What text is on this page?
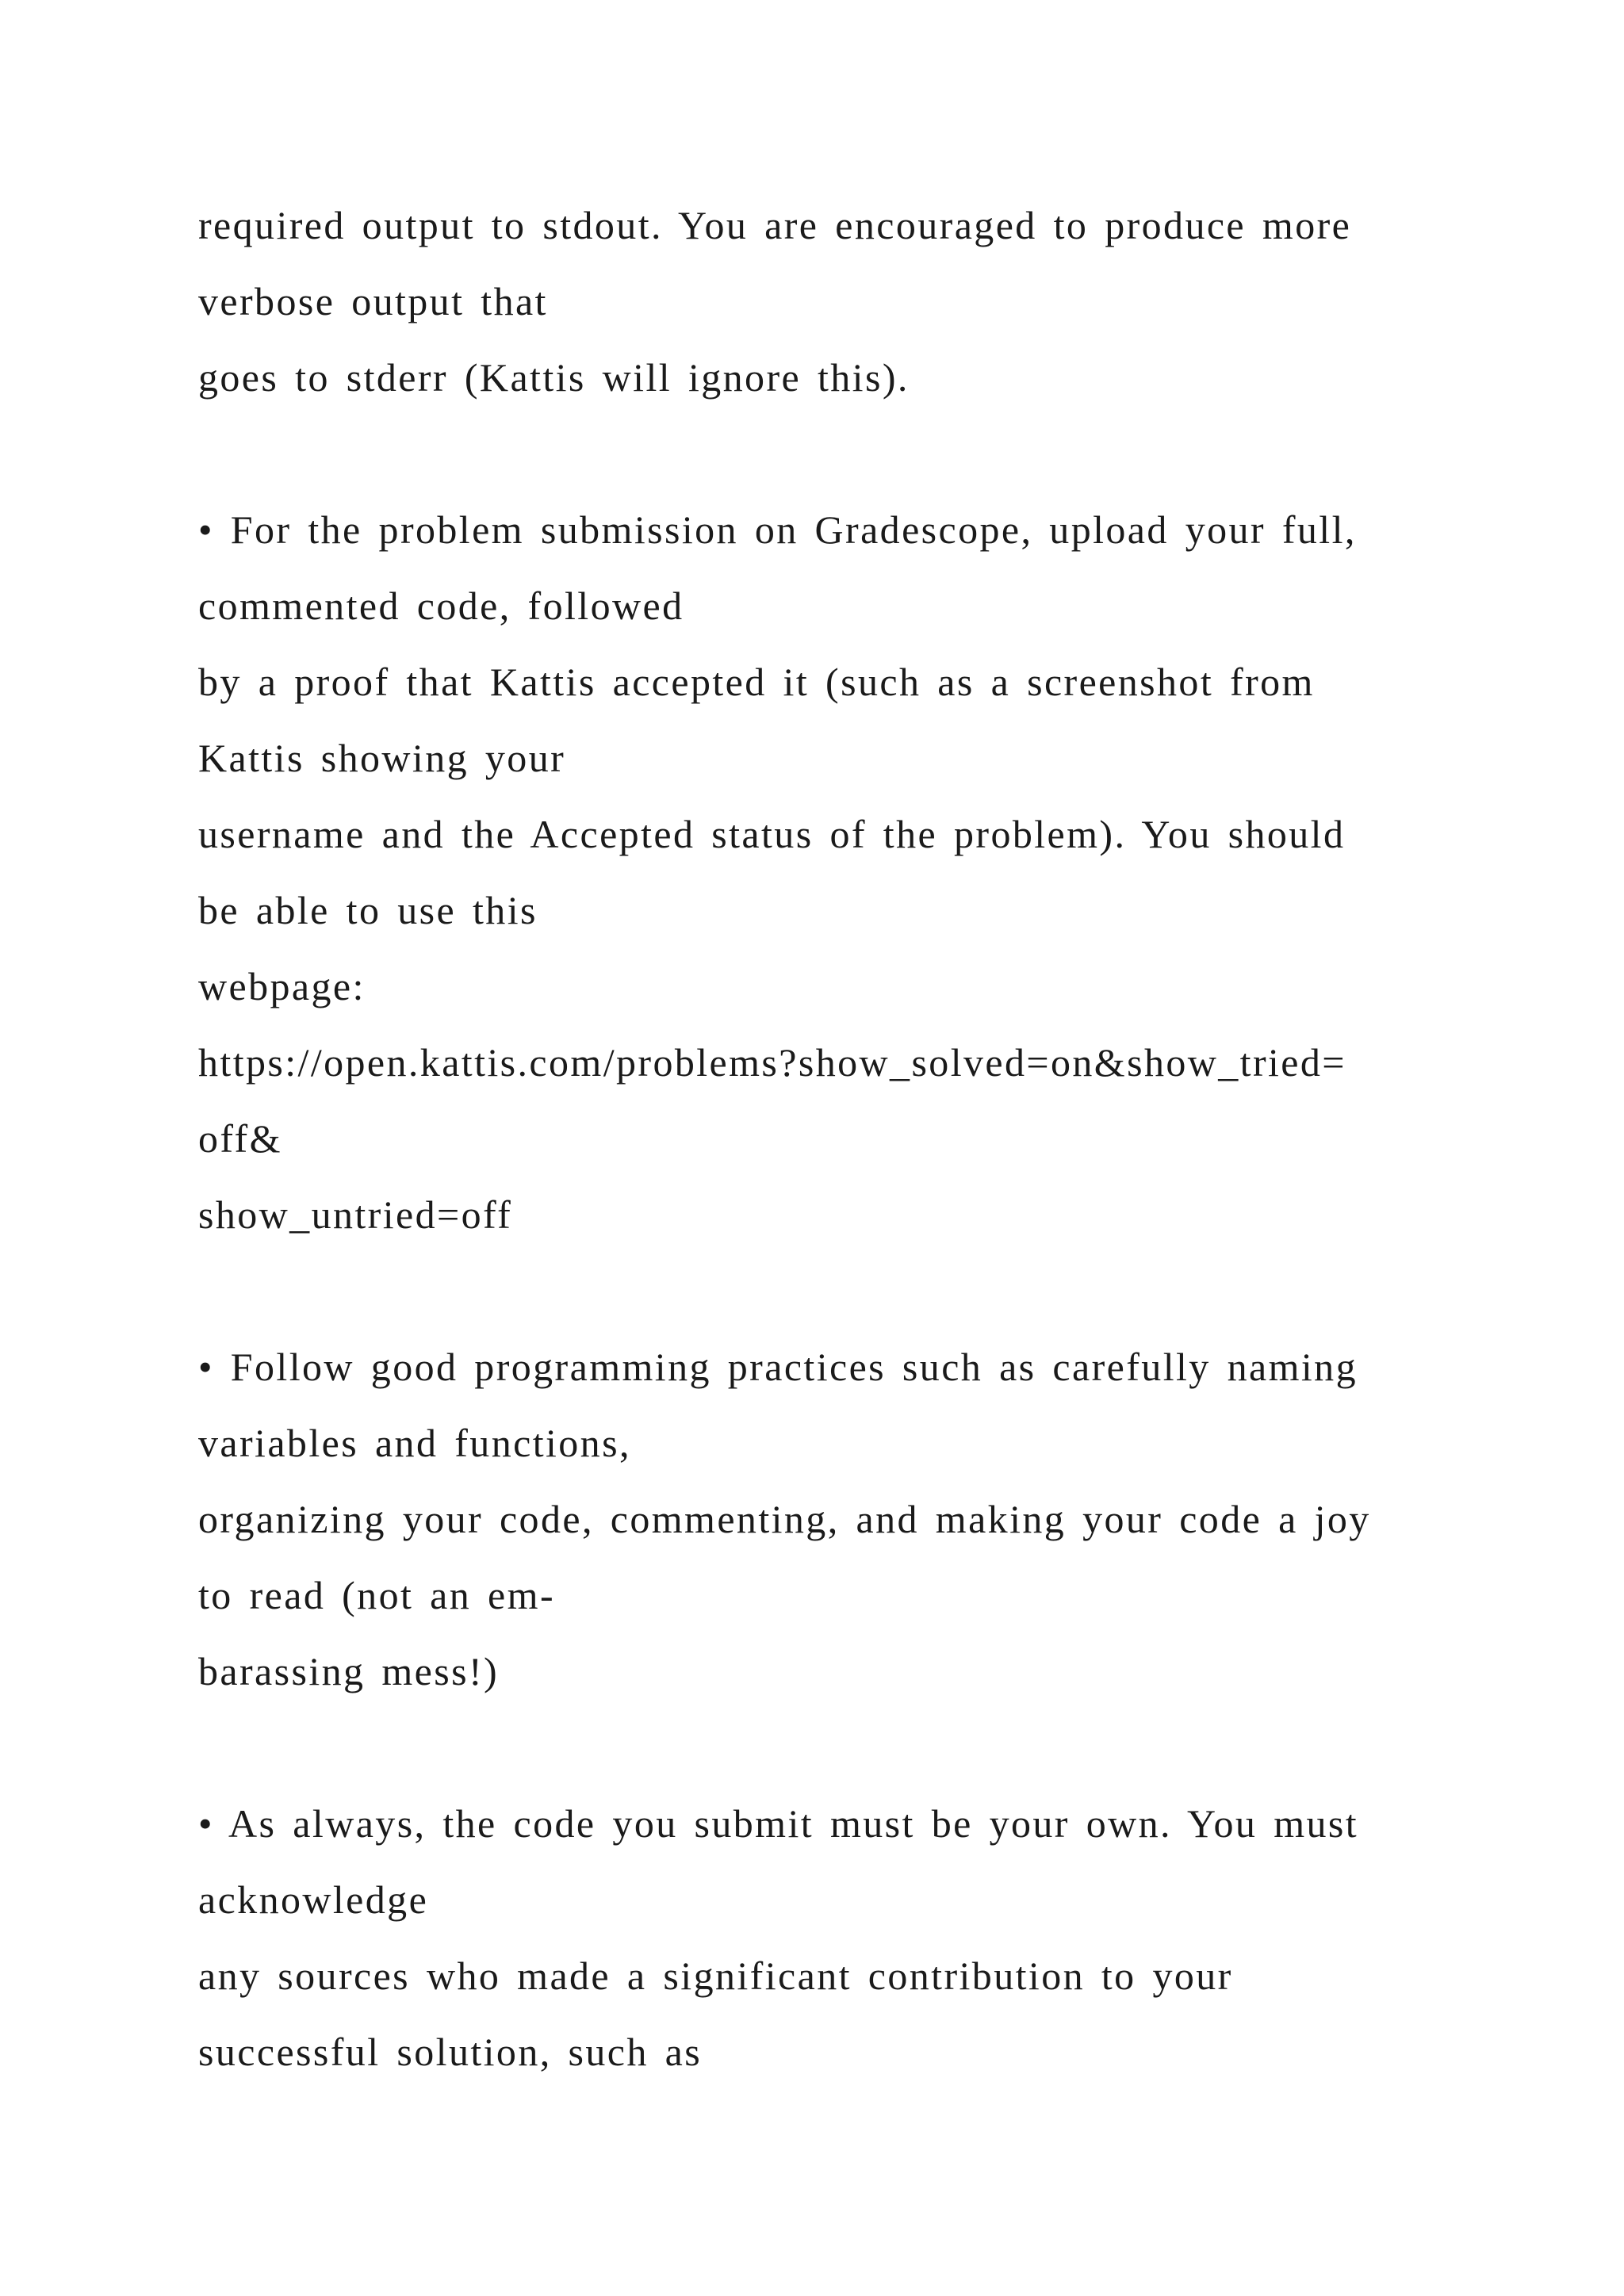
required output to stdout. You are encouraged to produce more
verbose output that
goes to stderr (Kattis will ignore this).

• For the problem submission on Gradescope, upload your full,
commented code, followed
by a proof that Kattis accepted it (such as a screenshot from
Kattis showing your
username and the Accepted status of the problem). You should
be able to use this
webpage:
https://open.kattis.com/problems?show_solved=on&show_tried=
off&
show_untried=off

• Follow good programming practices such as carefully naming
variables and functions,
organizing your code, commenting, and making your code a joy
to read (not an em-
barassing mess!)

• As always, the code you submit must be your own. You must
acknowledge
any sources who made a significant contribution to your
successful solution, such as
